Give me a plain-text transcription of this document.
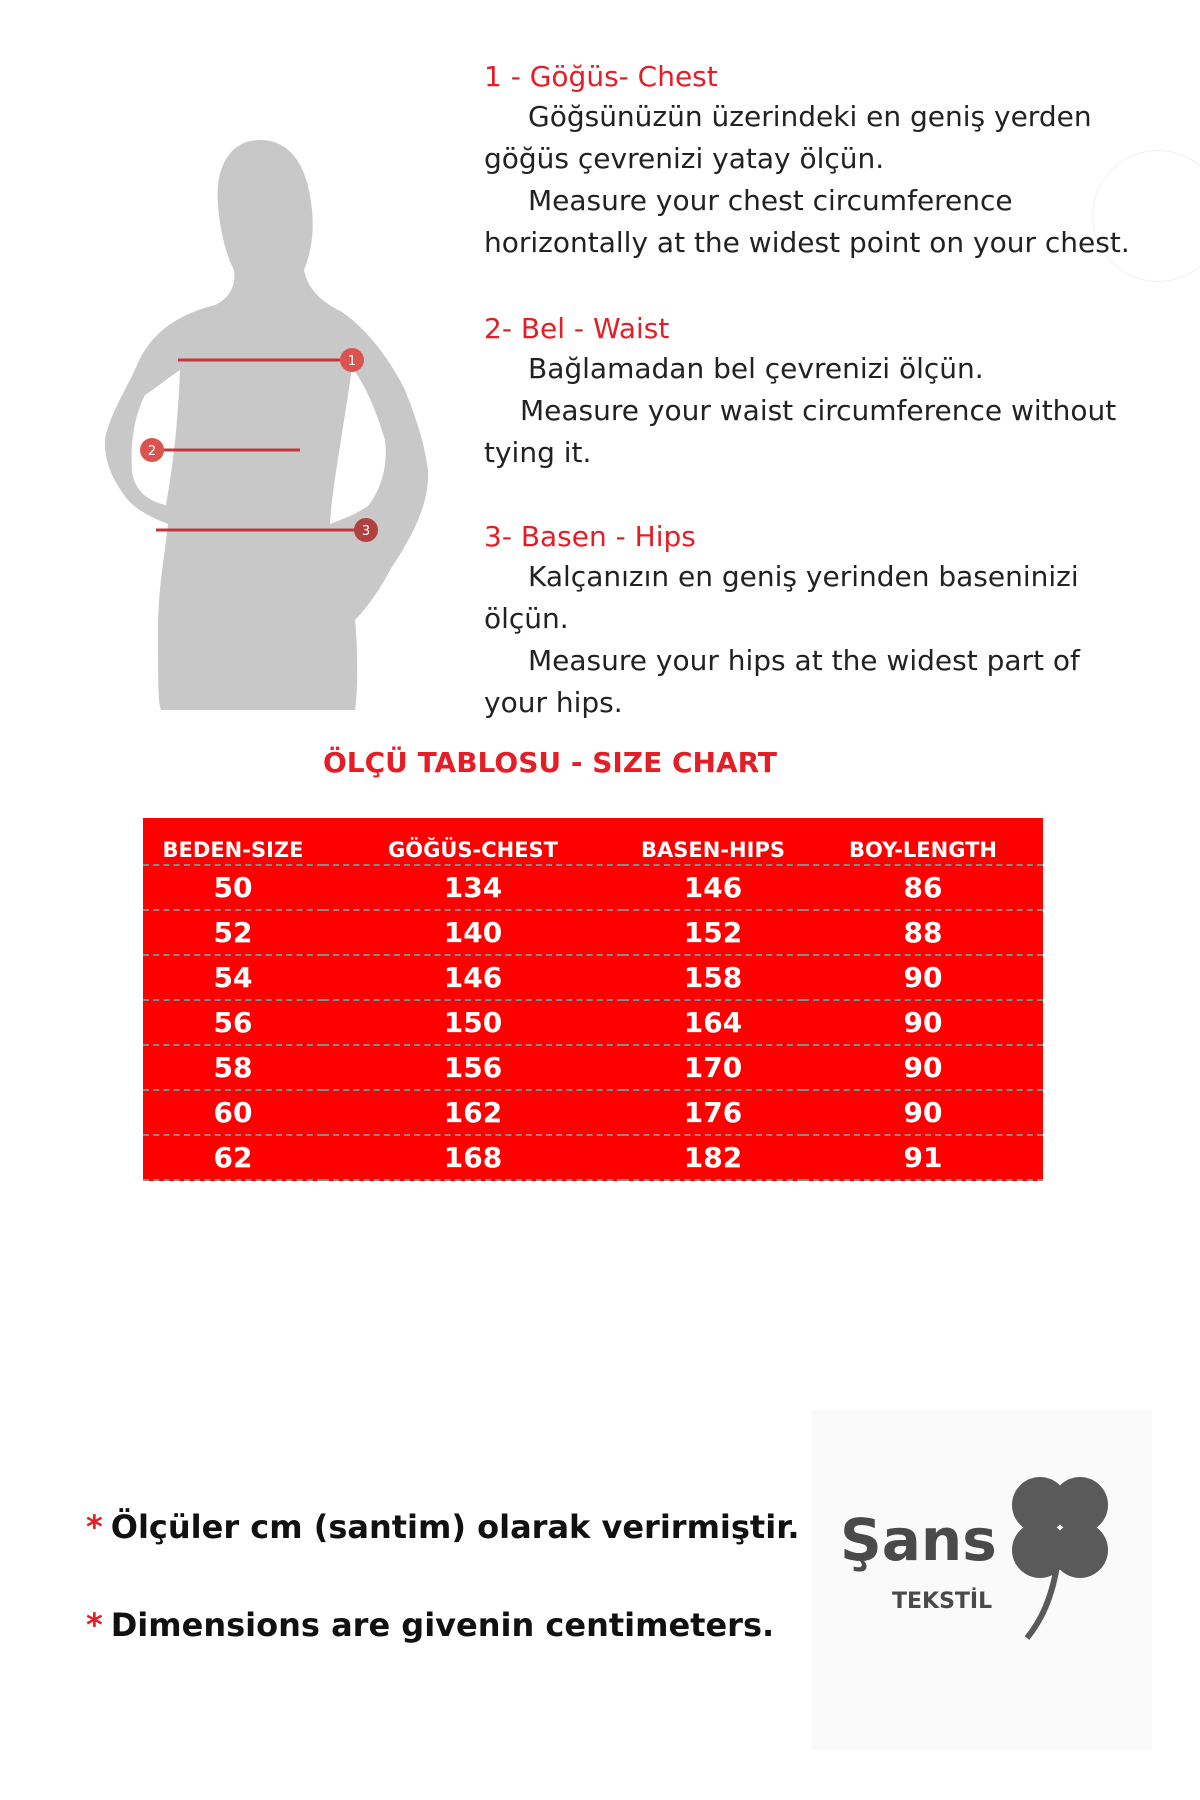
1
2
3
1 - Göğüs- Chest

Göğsünüzün üzerindeki en geniş yerden

göğüs çevrenizi yatay ölçün.

Measure your chest circumference

horizontally at the widest point on your chest.

2- Bel - Waist

Bağlamadan bel çevrenizi ölçün.

Measure your waist circumference without

tying it.

3- Basen - Hips

Kalçanızın en geniş yerinden baseninizi

ölçün.

Measure your hips at the widest part of

your hips.

ÖLÇÜ TABLOSU - SIZE CHART
BEDEN-SIZE	GÖĞÜS-CHEST	BASEN-HIPS	BOY-LENGTH
50	134	146	86
52	140	152	88
54	146	158	90
56	150	164	90
58	156	170	90
60	162	176	90
62	168	182	91
* Ölçüler cm (santim) olarak verirmiştir.
* Dimensions are givenin centimeters.
Şans
TEKSTİL
